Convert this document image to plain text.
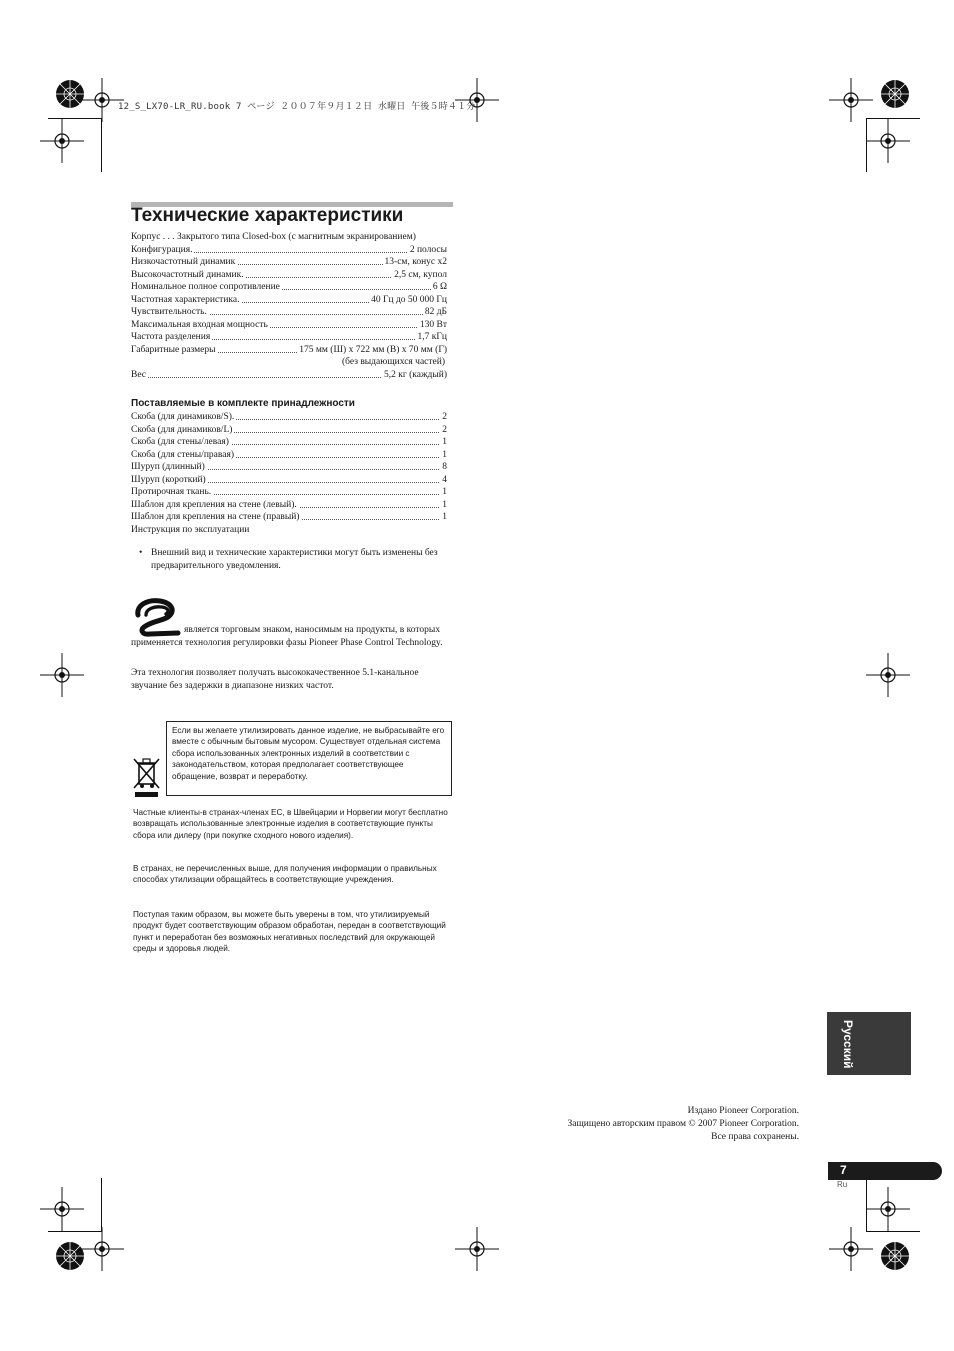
12_S_LX70-LR_RU.book 7 ページ ２００７年９月１２日 水曜日 午後５時４１分
Технические характеристики
Корпус . . . Закрытого типа Closed-box (с магнитным экранированием)
Конфигурация.	2 полосы
Низкочастотный динамик	13-см, конус x2
Высокочастотный динамик.	2,5 см, купол
Номинальное полное сопротивление	6 Ω
Частотная характеристика.	40 Гц до 50 000 Гц
Чувствительность.	82 дБ
Максимальная входная мощность	130 Вт
Частота разделения	1,7 кГц
Габаритные размеры	175 мм (Ш) x 722 мм (В) x 70 мм (Г)
(без выдающихся частей)
Вес	5,2 кг (каждый)
Поставляемые в комплекте принадлежности
Скоба (для динамиков/S).	2
Скоба (для динамиков/L)	2
Скоба (для стены/левая)	1
Скоба (для стены/правая)	1
Шуруп (длинный)	8
Шуруп (короткий)	4
Протирочная ткань.	1
Шаблон для крепления на стене (левый).	1
Шаблон для крепления на стене (правый)	1
Инструкция по эксплуатации
• Внешний вид и технические характеристики могут быть изменены без предварительного уведомления.
является торговым знаком, наносимым на продукты, в которых применяется технология регулировки фазы Pioneer Phase Control Technology.
Эта технология позволяет получать высококачественное 5.1-канальное звучание без задержки в диапазоне низких частот.

Если вы желаете утилизировать данное изделие, не выбрасывайте его вместе с обычным бытовым мусором. Существует отдельная система сбора использованных электронных изделий в соответствии с законодательством, которая предполагает соответствующее обращение, возврат и переработку.

Частные клиенты-в странах-членах ЕС, в Швейцарии и Норвегии могут бесплатно возвращать использованные электронные изделия в соответствующие пункты сбора или дилеру (при покупке сходного нового изделия).

В странах, не перечисленных выше, для получения информации о правильных способах утилизации обращайтесь в соответствующие учреждения.

Поступая таким образом, вы можете быть уверены в том, что утилизируемый продукт будет соответствующим образом обработан, передан в соответствующий пункт и переработан без возможных негативных последствий для окружающей среды и здоровья людей.

Русский
Издано Pioneer Corporation.
Защищено авторским правом © 2007 Pioneer Corporation.
Все права сохранены.
7
Ru
